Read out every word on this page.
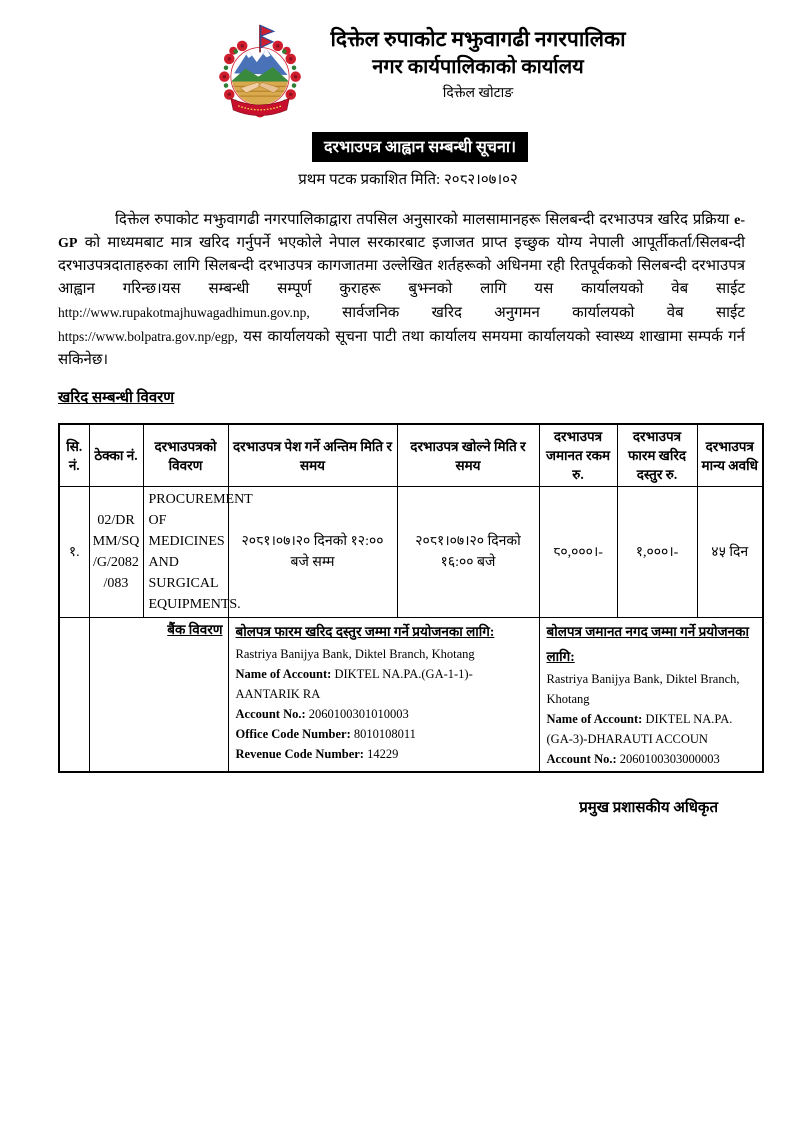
दिक्तेल रुपाकोट मझुवागढी नगरपालिका
नगर कार्यपालिकाको कार्यालय
दिक्तेल खोटाङ
दरभाउपत्र आह्वान सम्बन्धी सूचना।
प्रथम पटक प्रकाशित मिति: २०८२।०७।०२

दिक्तेल रुपाकोट मझुवागढी नगरपालिकाद्वारा तपसिल अनुसारको मालसामानहरू सिलबन्दी दरभाउपत्र खरिद प्रक्रिया e-GP को माध्यमबाट मात्र खरिद गर्नुपर्ने भएकोले नेपाल सरकारबाट इजाजत प्राप्त इच्छुक योग्य नेपाली आपूर्तीकर्ता/सिलबन्दी दरभाउपत्रदाताहरुका लागि सिलबन्दी दरभाउपत्र कागजातमा उल्लेखित शर्तहरूको अधिनमा रही रितपूर्वकको सिलबन्दी दरभाउपत्र आह्वान गरिन्छ।यस सम्बन्धी सम्पूर्ण कुराहरू बुझ्नको लागि यस कार्यालयको वेब साईट http://www.rupakotmajhuwagadhimun.gov.np, सार्वजनिक खरिद अनुगमन कार्यालयको वेब साईट https://www.bolpatra.gov.np/egp, यस कार्यालयको सूचना पाटी तथा कार्यालय समयमा कार्यालयको स्वास्थ्य शाखामा सम्पर्क गर्न सकिनेछ।

खरिद सम्बन्धी विवरण
सि. नं.	ठेक्का नं.	दरभाउपत्रको विवरण	दरभाउपत्र पेश गर्ने अन्तिम मिति र समय	दरभाउपत्र खोल्ने मिति र समय	दरभाउपत्र जमानत रकम रु.	दरभाउपत्र फारम खरिद दस्तुर रु.	दरभाउपत्र मान्य अवधि
१.	02/DR MM/SQ /G/2082 /083	PROCUREMENT OF MEDICINES AND SURGICAL EQUIPMENTS.	२०८१।०७।२० दिनको १२:०० बजे सम्म	२०८१।०७।२० दिनको १६:०० बजे	८०,०००।-	१,०००।-	४५ दिन
	बैंक विवरण	बोलपत्र फारम खरिद दस्तुर जम्मा गर्ने प्रयोजनका लागि:
Rastriya Banijya Bank, Diktel Branch, Khotang
Name of Account: DIKTEL NA.PA.(GA-1-1)-AANTARIK RA
Account No.: 2060100301010003
Office Code Number: 8010108011
Revenue Code Number: 14229

बोलपत्र जमानत नगद जम्मा गर्ने प्रयोजनका लागि:
Rastriya Banijya Bank, Diktel Branch, Khotang
Name of Account: DIKTEL NA.PA.(GA-3)-DHARAUTI ACCOUN
Account No.: 2060100303000003
प्रमुख प्रशासकीय अधिकृत
